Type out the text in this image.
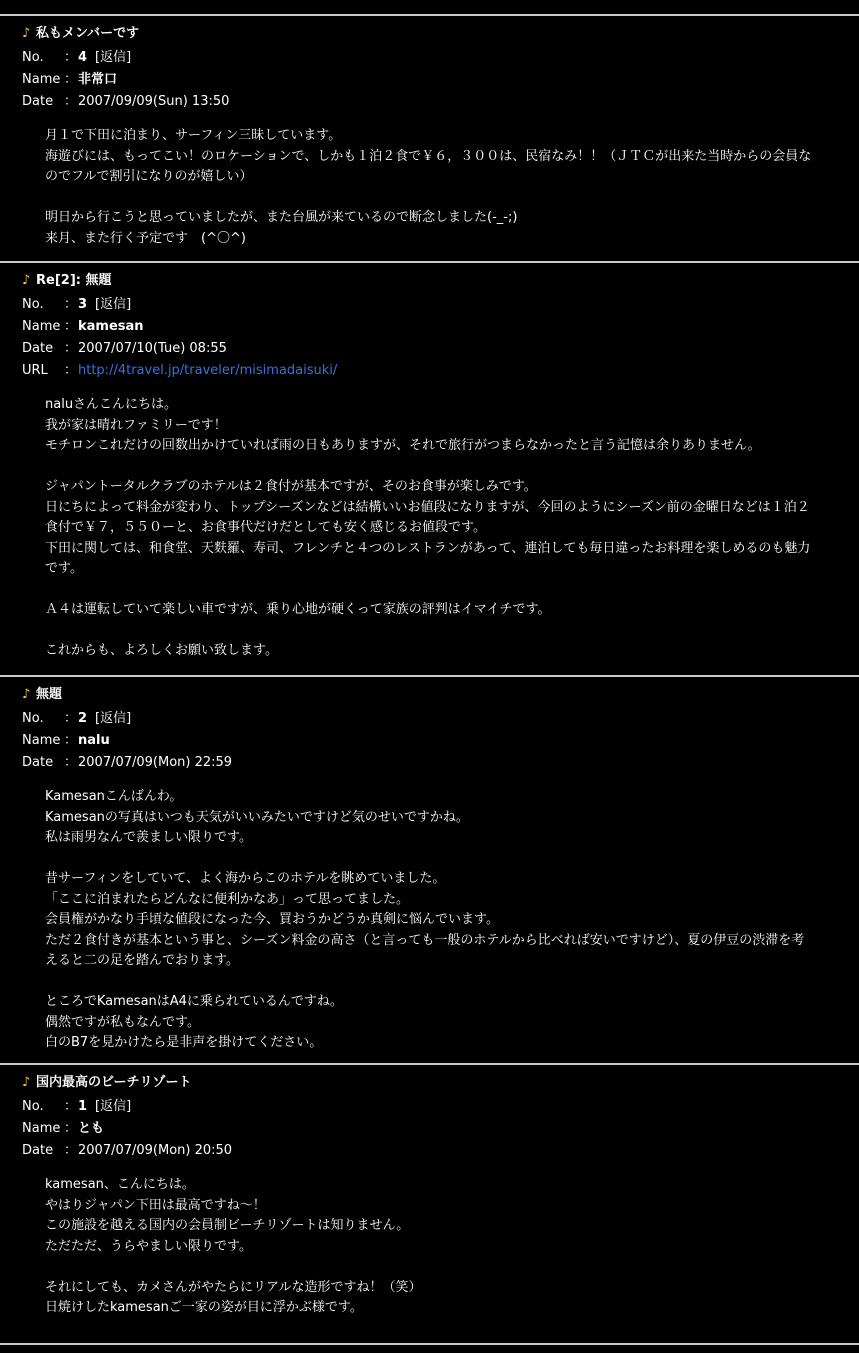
♪ 私もメンバーです
No. ：4 [返信]
Name ：非常口
Date ：2007/09/09(Sun) 13:50
月１で下田に泊まり、サーフィン三昧しています。
海遊びには、もってこい！のロケーションで、しかも１泊２食で￥６，３００は、民宿なみ！！（ＪＴＣが出来た当時からの会員な
のでフルで割引になりのが嬉しい）
明日から行こうと思っていましたが、また台風が来ているので断念しました(-_-;)
来月、また行く予定です　(^〇^)
♪ Re[2]: 無題
No. ：3 [返信]
Name ：kamesan
Date ：2007/07/10(Tue) 08:55
URL ：http://4travel.jp/traveler/misimadaisuki/
naluさんこんにちは。
我が家は晴れファミリーです！
モチロンこれだけの回数出かけていれば雨の日もありますが、それで旅行がつまらなかったと言う記憶は余りありません。
ジャパントータルクラブのホテルは２食付が基本ですが、そのお食事が楽しみです。
日にちによって料金が変わり、トップシーズンなどは結構いいお値段になりますが、今回のようにシーズン前の金曜日などは１泊２
食付で￥７，５５０ーと、お食事代だけだとしても安く感じるお値段です。
下田に関しては、和食堂、天麩羅、寿司、フレンチと４つのレストランがあって、連泊しても毎日違ったお料理を楽しめるのも魅力
です。
Ａ４は運転していて楽しい車ですが、乗り心地が硬くって家族の評判はイマイチです。
これからも、よろしくお願い致します。
♪ 無題
No. ：2 [返信]
Name ：nalu
Date ：2007/07/09(Mon) 22:59
Kamesanこんばんわ。
Kamesanの写真はいつも天気がいいみたいですけど気のせいですかね。
私は雨男なんで羨ましい限りです。
昔サーフィンをしていて、よく海からこのホテルを眺めていました。
「ここに泊まれたらどんなに便利かなあ」って思ってました。
会員権がかなり手頃な値段になった今、買おうかどうか真剣に悩んでいます。
ただ２食付きが基本という事と、シーズン料金の高さ（と言っても一般のホテルから比べれば安いですけど）、夏の伊豆の渋滞を考
えると二の足を踏んでおります。
ところでKamesanはA4に乗られているんですね。
偶然ですが私もなんです。
白のB7を見かけたら是非声を掛けてください。
♪ 国内最高のビーチリゾート
No. ：1 [返信]
Name ：とも
Date ：2007/07/09(Mon) 20:50
kamesan、こんにちは。
やはりジャパン下田は最高ですね～！
この施設を越える国内の会員制ビーチリゾートは知りません。
ただただ、うらやましい限りです。
それにしても、カメさんがやたらにリアルな造形ですね！（笑）
日焼けしたkamesanご一家の姿が目に浮かぶ様です。
